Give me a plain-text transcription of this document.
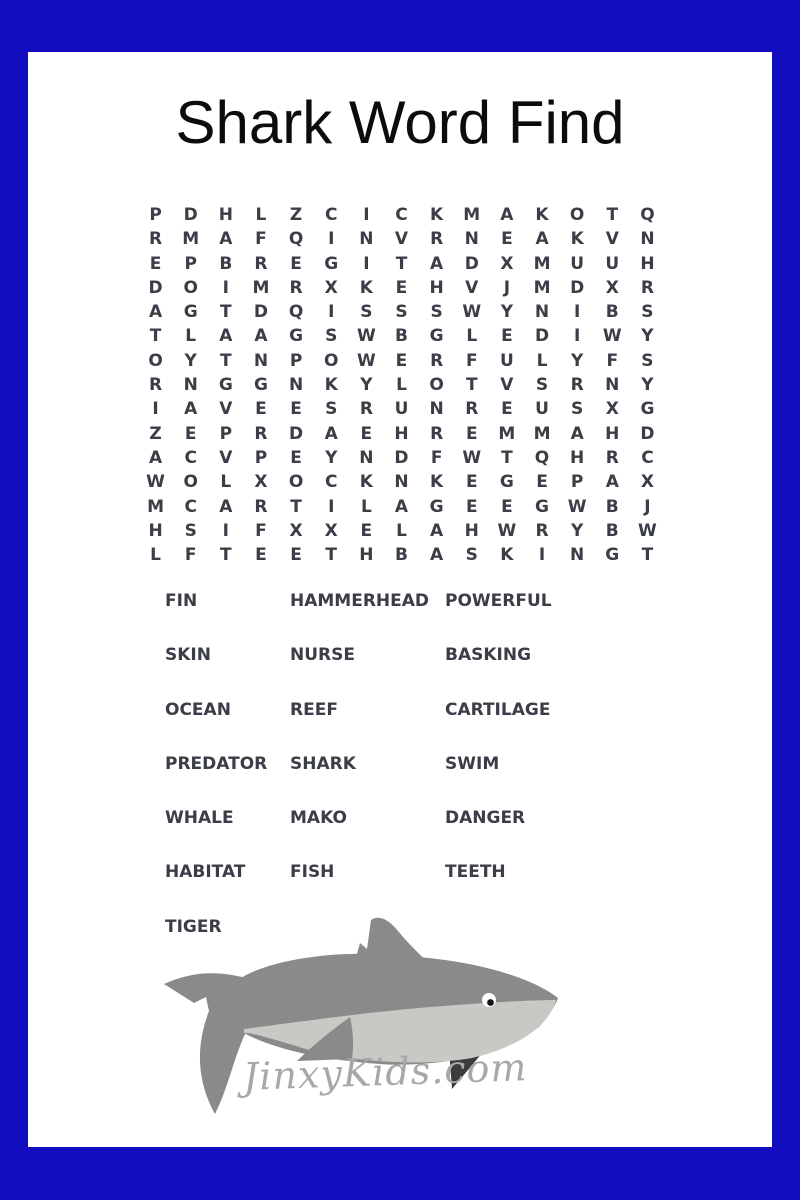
Shark Word Find
P	D	H	L	Z	C	I	C	K	M	A	K	O	T	Q
R	M	A	F	Q	I	N	V	R	N	E	A	K	V	N
E	P	B	R	E	G	I	T	A	D	X	M	U	U	H
D	O	I	M	R	X	K	E	H	V	J	M	D	X	R
A	G	T	D	Q	I	S	S	S	W	Y	N	I	B	S
T	L	A	A	G	S	W	B	G	L	E	D	I	W	Y
O	Y	T	N	P	O	W	E	R	F	U	L	Y	F	S
R	N	G	G	N	K	Y	L	O	T	V	S	R	N	Y
I	A	V	E	E	S	R	U	N	R	E	U	S	X	G
Z	E	P	R	D	A	E	H	R	E	M	M	A	H	D
A	C	V	P	E	Y	N	D	F	W	T	Q	H	R	C
W	O	L	X	O	C	K	N	K	E	G	E	P	A	X
M	C	A	R	T	I	L	A	G	E	E	G	W	B	J
H	S	I	F	X	X	E	L	A	H	W	R	Y	B	W
L	F	T	E	E	T	H	B	A	S	K	I	N	G	T
FIN
SKIN
OCEAN
PREDATOR
WHALE
HABITAT
TIGER
HAMMERHEAD
NURSE
REEF
SHARK
MAKO
FISH
POWERFUL
BASKING
CARTILAGE
SWIM
DANGER
TEETH
JinxyKids.com
